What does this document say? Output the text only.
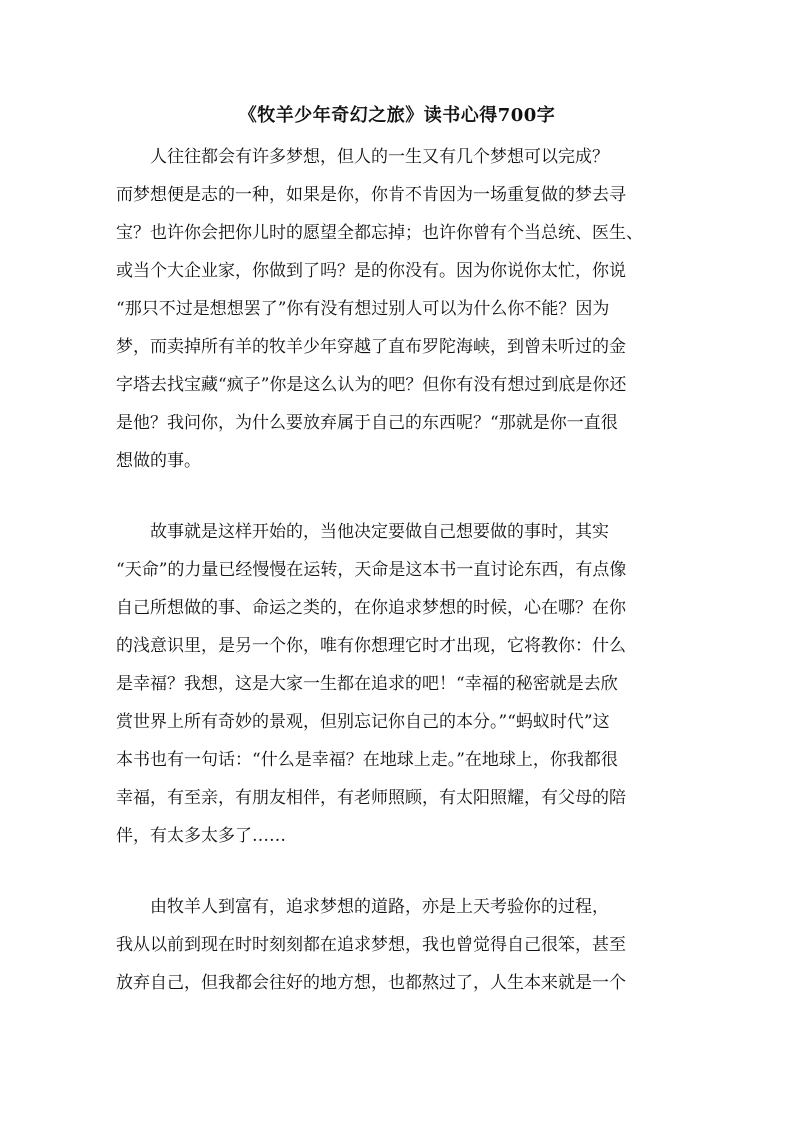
《牧羊少年奇幻之旅》读书心得700字
　　人往往都会有许多梦想，但人的一生又有几个梦想可以完成？
而梦想便是志的一种，如果是你，你肯不肯因为一场重复做的梦去寻
宝？也许你会把你儿时的愿望全都忘掉；也许你曾有个当总统、医生、
或当个大企业家，你做到了吗？是的你没有。因为你说你太忙，你说
“那只不过是想想罢了”你有没有想过别人可以为什么你不能？因为
梦，而卖掉所有羊的牧羊少年穿越了直布罗陀海峡，到曾未听过的金
字塔去找宝藏“疯子”你是这么认为的吧？但你有没有想过到底是你还
是他？我问你，为什么要放弃属于自己的东西呢？“那就是你一直很
想做的事。
　　故事就是这样开始的，当他决定要做自己想要做的事时，其实
“天命”的力量已经慢慢在运转，天命是这本书一直讨论东西，有点像
自己所想做的事、命运之类的，在你追求梦想的时候，心在哪？在你
的浅意识里，是另一个你，唯有你想理它时才出现，它将教你：什么
是幸福？我想，这是大家一生都在追求的吧！“幸福的秘密就是去欣
赏世界上所有奇妙的景观，但别忘记你自己的本分。”“蚂蚁时代”这
本书也有一句话：“什么是幸福？在地球上走。”在地球上，你我都很
幸福，有至亲，有朋友相伴，有老师照顾，有太阳照耀，有父母的陪
伴，有太多太多了……
　　由牧羊人到富有，追求梦想的道路，亦是上天考验你的过程，
我从以前到现在时时刻刻都在追求梦想，我也曾觉得自己很笨，甚至
放弃自己，但我都会往好的地方想，也都熬过了，人生本来就是一个
